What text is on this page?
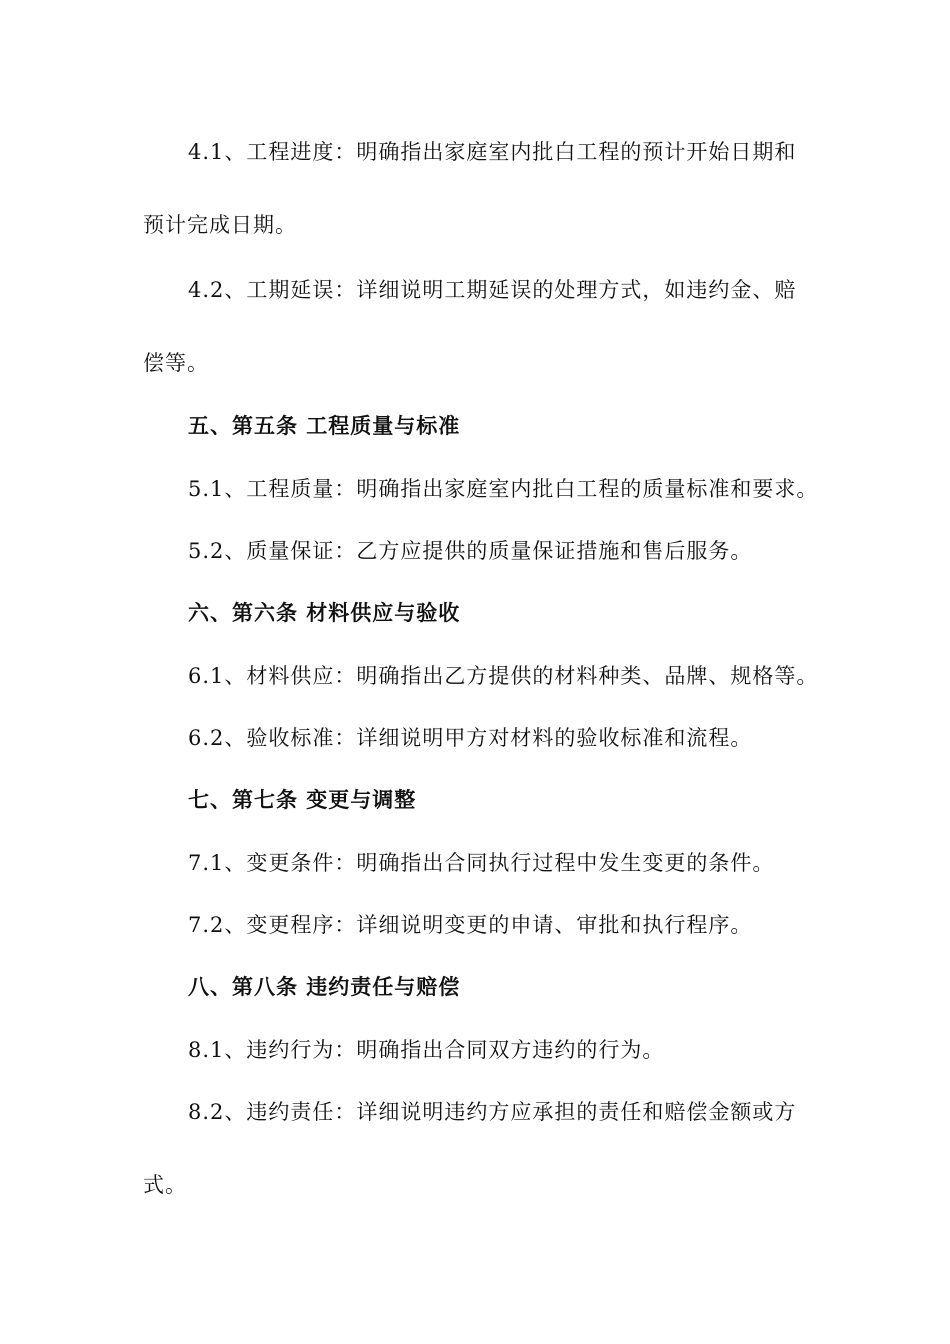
4.1、工程进度：明确指出家庭室内批白工程的预计开始日期和
预计完成日期。
4.2、工期延误：详细说明工期延误的处理方式，如违约金、赔
偿等。
五、第五条 工程质量与标准
5.1、工程质量：明确指出家庭室内批白工程的质量标准和要求。
5.2、质量保证：乙方应提供的质量保证措施和售后服务。
六、第六条 材料供应与验收
6.1、材料供应：明确指出乙方提供的材料种类、品牌、规格等。
6.2、验收标准：详细说明甲方对材料的验收标准和流程。
七、第七条 变更与调整
7.1、变更条件：明确指出合同执行过程中发生变更的条件。
7.2、变更程序：详细说明变更的申请、审批和执行程序。
八、第八条 违约责任与赔偿
8.1、违约行为：明确指出合同双方违约的行为。
8.2、违约责任：详细说明违约方应承担的责任和赔偿金额或方
式。
